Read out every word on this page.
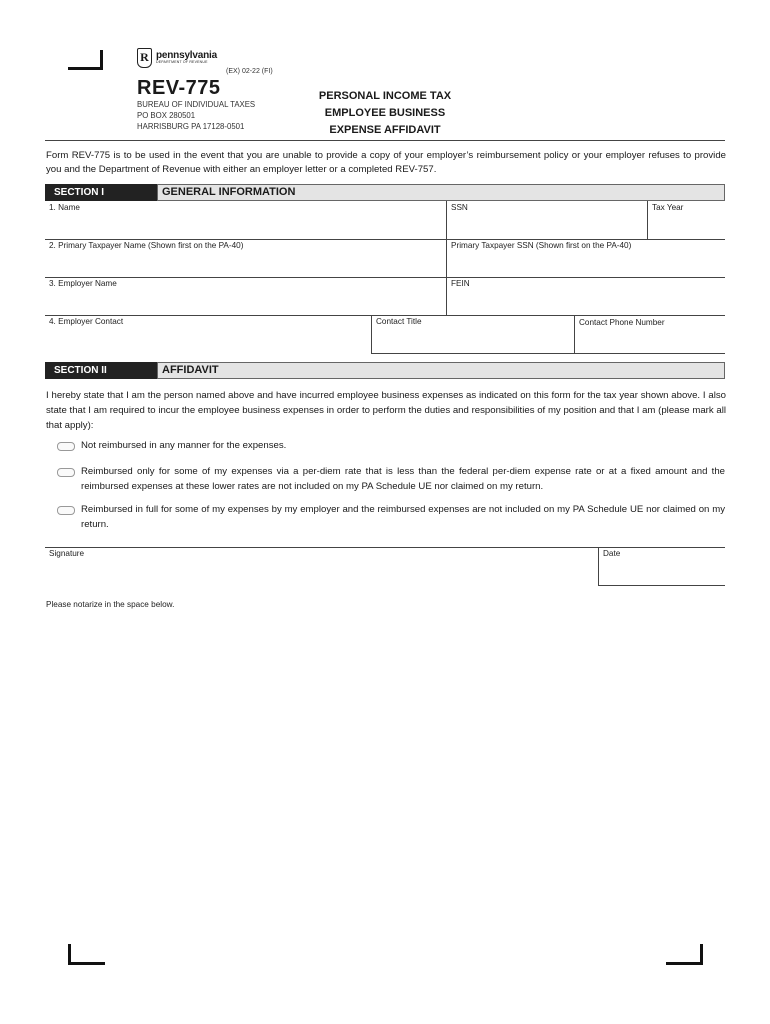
R pennsylvania
DEPARTMENT OF REVENUE
(EX) 02-22 (FI)
REV-775
BUREAU OF INDIVIDUAL TAXES
PO BOX 280501
HARRISBURG PA 17128-0501
PERSONAL INCOME TAX
EMPLOYEE BUSINESS
EXPENSE AFFIDAVIT
Form REV-775 is to be used in the event that you are unable to provide a copy of your employer’s reimbursement policy or your employer refuses to provide you and the Department of Revenue with either an employer letter or a completed REV-757.
SECTION I	GENERAL INFORMATION
1. Name	SSN	Tax Year
2. Primary Taxpayer Name (Shown first on the PA-40)	Primary Taxpayer SSN (Shown first on the PA-40)
3. Employer Name	FEIN
4. Employer Contact	Contact Title	Contact Phone Number
SECTION II	AFFIDAVIT
I hereby state that I am the person named above and have incurred employee business expenses as indicated on this form for the tax year shown above. I also state that I am required to incur the employee business expenses in order to perform the duties and responsibilities of my position and that I am (please mark all that apply):
Not reimbursed in any manner for the expenses.
Reimbursed only for some of my expenses via a per-diem rate that is less than the federal per-diem expense rate or at a fixed amount and the reimbursed expenses at these lower rates are not included on my PA Schedule UE nor claimed on my return.
Reimbursed in full for some of my expenses by my employer and the reimbursed expenses are not included on my PA Schedule UE nor claimed on my return.
Signature	Date
Please notarize in the space below.
